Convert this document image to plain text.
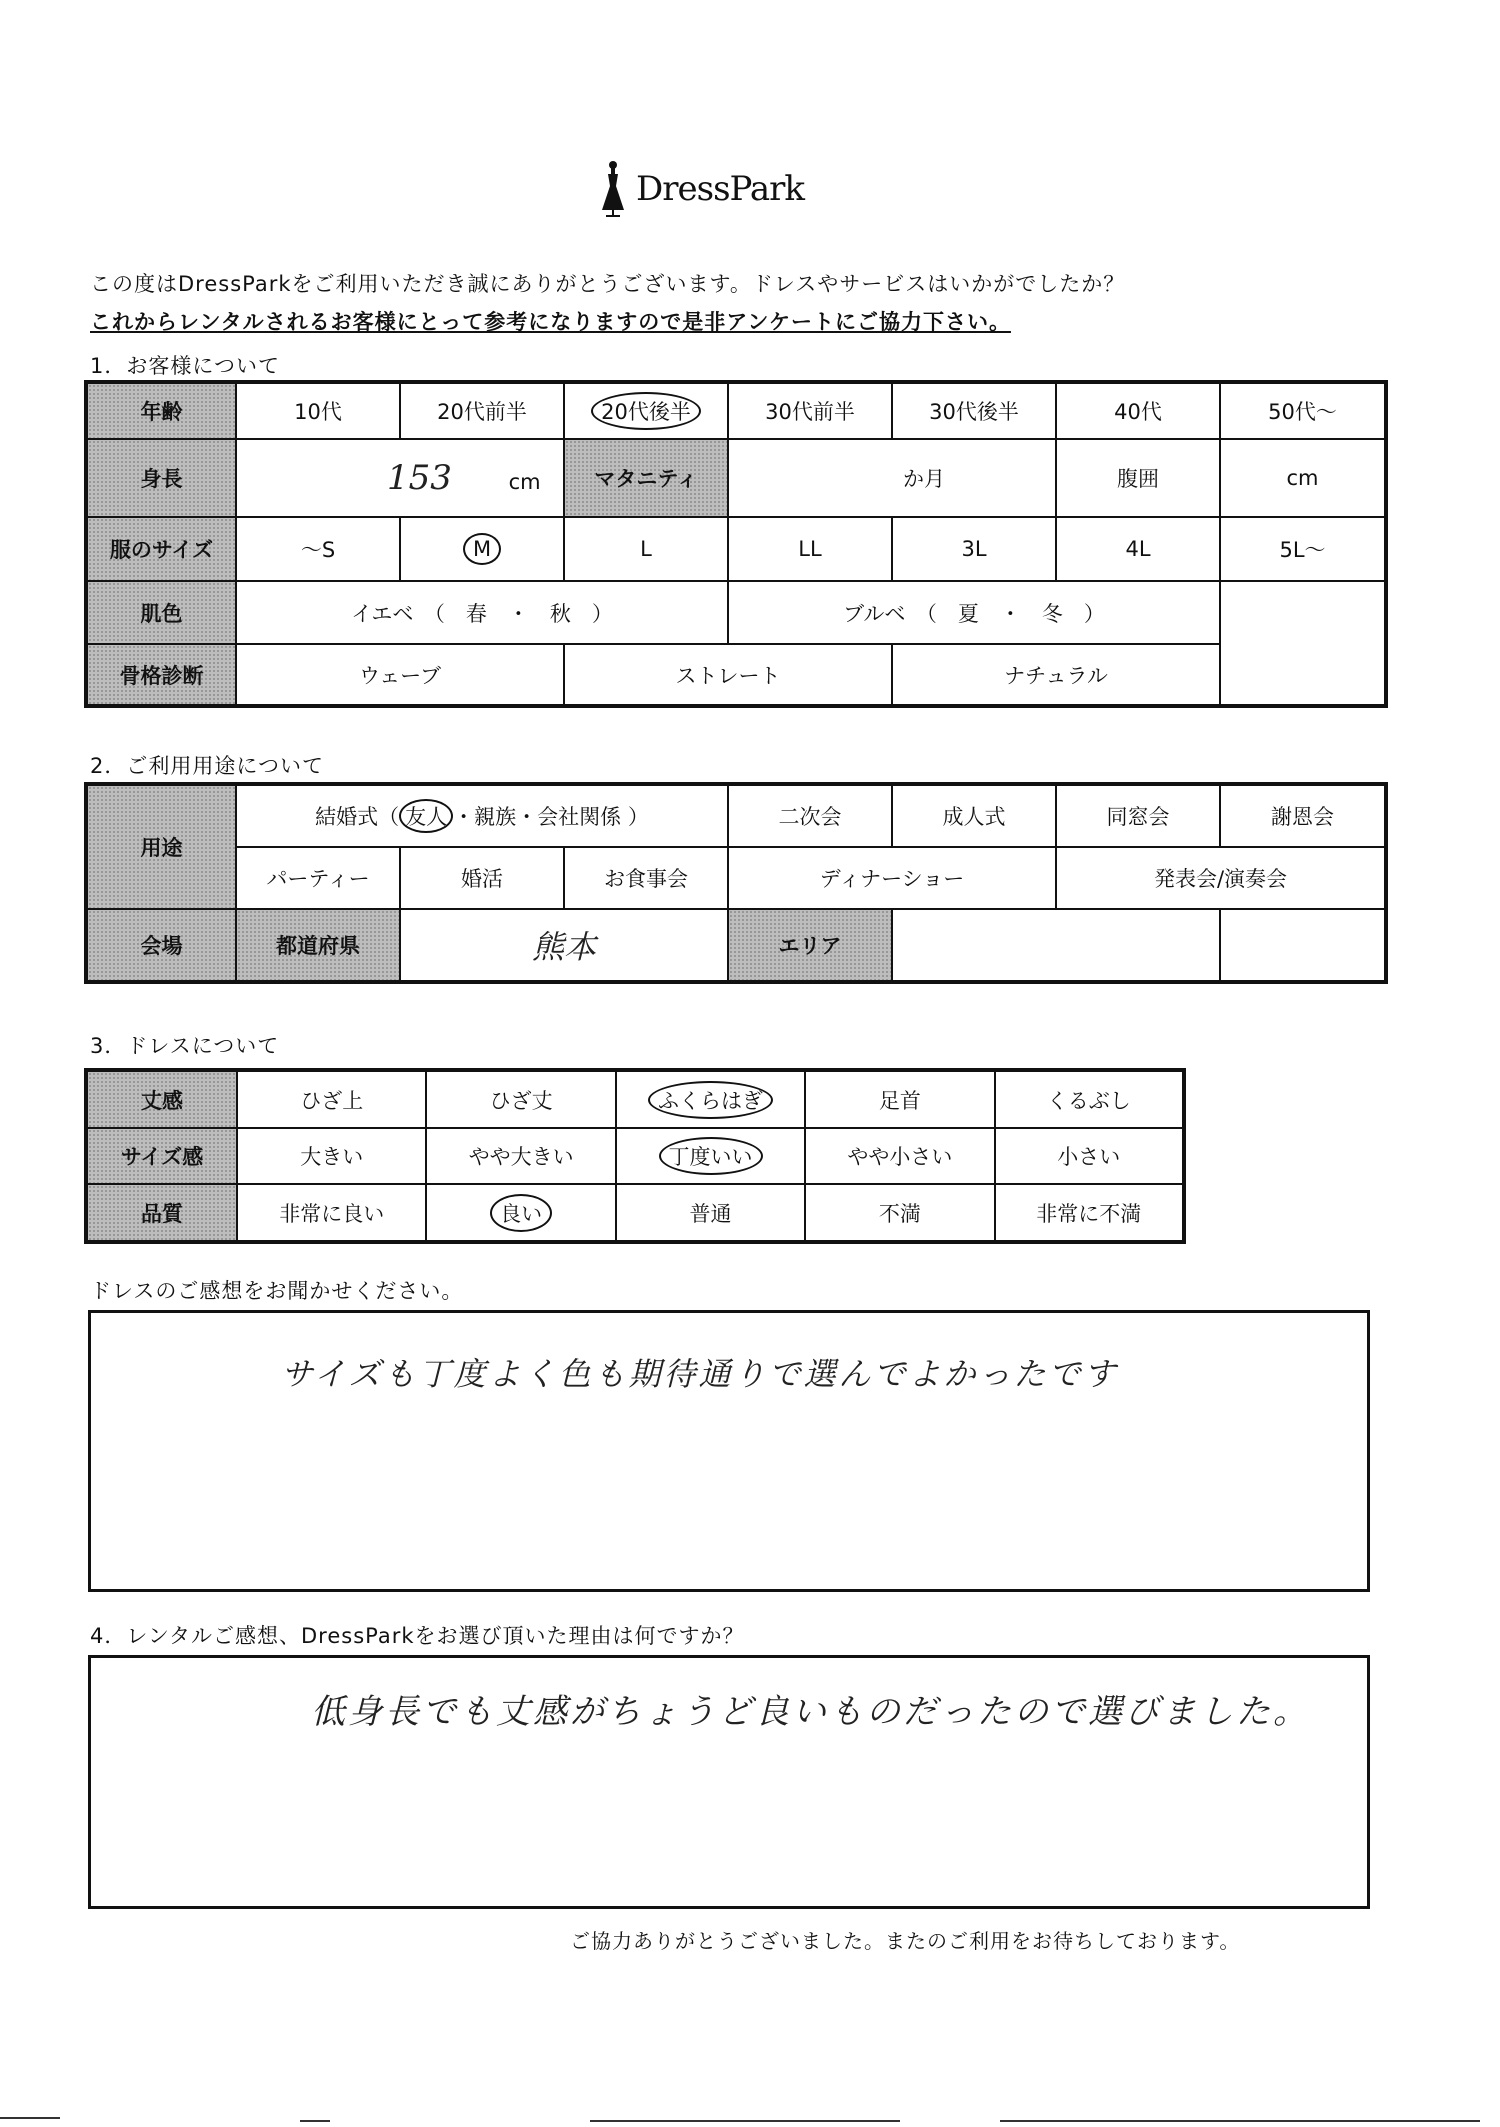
DressPark
この度はDressParkをご利用いただき誠にありがとうございます。ドレスやサービスはいかがでしたか？
これからレンタルされるお客様にとって参考になりますので是非アンケートにご協力下さい。
1．お客様について
年齢	10代	20代前半	20代後半	30代前半	30代後半	40代	50代～
身長	153 cm		マタニティ	か月		腹囲	cm
服のサイズ	～S	M	L	LL	3L	4L	5L～
肌色	イエベ　（　春　・　秋　）			ブルベ　（　夏　・　冬　）			
骨格診断	ウェーブ		ストレート		ナチュラル		
2．ご利用用途について
用途	結婚式（ 友人 ・親族・会社関係 ）			二次会	成人式	同窓会	謝恩会
	パーティー	婚活	お食事会	ディナーショー		発表会/演奏会	
会場	都道府県	熊本		エリア			
3．ドレスについて
丈感	ひざ上	ひざ丈	ふくらはぎ	足首	くるぶし
サイズ感	大きい	やや大きい	丁度いい	やや小さい	小さい
品質	非常に良い	良い	普通	不満	非常に不満
ドレスのご感想をお聞かせください。
サイズも丁度よく色も期待通りで選んでよかったです
4．レンタルご感想、DressParkをお選び頂いた理由は何ですか？
低身長でも丈感がちょうど良いものだったので選びました。
ご協力ありがとうございました。またのご利用をお待ちしております。
